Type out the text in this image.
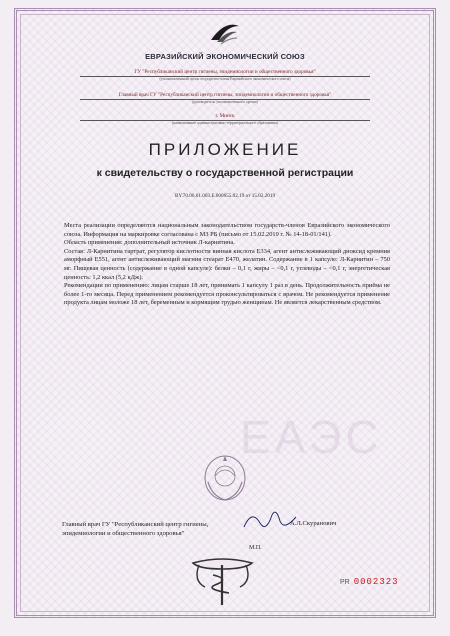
ЕВРАЗИЙСКИЙ ЭКОНОМИЧЕСКИЙ СОЮЗ
ГУ "Республиканский центр гигиены, эпидемиологии и общественного здоровья"
(уполномоченный орган государства-члена Евразийского экономического союза)
Главный врач ГУ "Республиканский центр гигиены, эпидемиологии и общественного здоровья"
(руководитель уполномоченного органа)
г. Минск
(наименование административно-территориального образования)
ПРИЛОЖЕНИЕ
к свидетельству о государственной регистрации
BY.70.06.01.003.E.000655.02.19 от 15.02.2019

Места реализации определяются национальным законодательством государств-членов Евразийского экономического союза. Информация на маркировке согласована с МЗ РБ (письмо от 15.02.2019 г. № 14-18-01/141).

Область применения: дополнительный источник Л-карнитина.

Состав: Л-Карнитина тартрат, регулятор кислотности винная кислота Е334, агент антислеживающий диоксид кремния аморфный Е551, агент антислеживающий магния стеарат Е470, желатин. Содержание в 1 капсуле: Л-Карнитин – 750 мг. Пищевая ценность (содержание в одной капсуле): белки – 0,1 г, жиры – <0,1 г, углеводы – <0,1 г, энергетическая ценность: 1,2 ккал (5,2 кДж).

Рекомендации по применению: лицам старше 18 лет, принимать 1 капсулу 1 раз в день. Продолжительность приёма не более 1-го месяца. Перед применением рекомендуется проконсультироваться с врачом. Не рекомендуется применение продукта лицам моложе 18 лет, беременным и кормящим грудью женщинам. Не является лекарственным средством.

ЕАЭС
Главный врач ГУ "Республиканский центр гигиены, эпидемиологии и общественного здоровья"
А.Л.Скуранович
М.П.
PR 0002323
